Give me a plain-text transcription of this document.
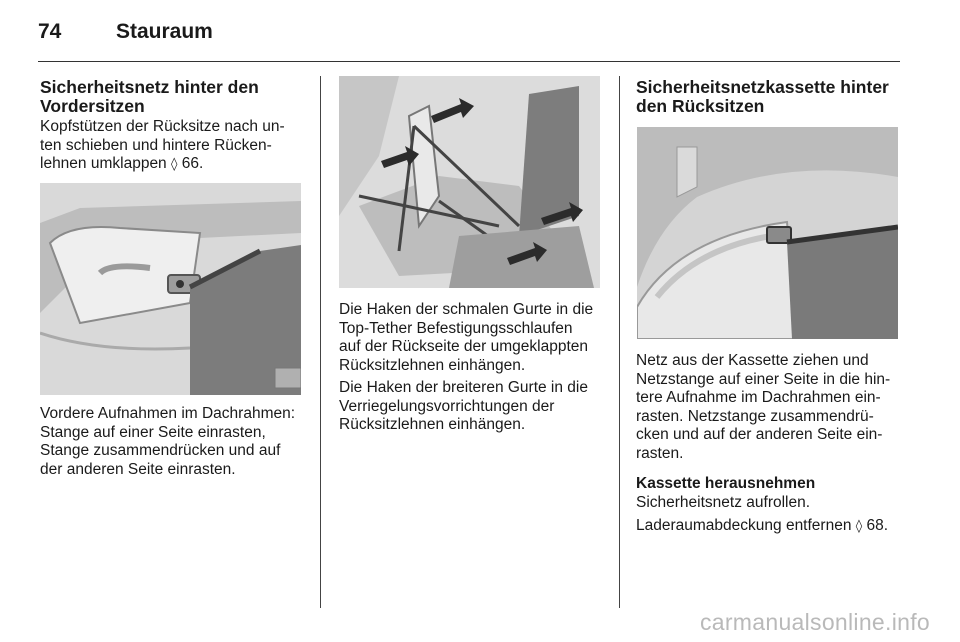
74	Stauraum
Sicherheitsnetz hinter den Vordersitzen

Kopfstützen der Rücksitze nach un-

ten schieben und hintere Rücken-

lehnen umklappen ◊ 66.

Vordere Aufnahmen im Dachrahmen:

Stange auf einer Seite einrasten,

Stange zusammendrücken und auf

der anderen Seite einrasten.

Die Haken der schmalen Gurte in die

Top-Tether Befestigungsschlaufen

auf der Rückseite der umgeklappten

Rücksitzlehnen einhängen.

Die Haken der breiteren Gurte in die

Verriegelungsvorrichtungen der

Rücksitzlehnen einhängen.

Sicherheitsnetzkassette hinter
den Rücksitzen

Netz aus der Kassette ziehen und

Netzstange auf einer Seite in die hin-

tere Aufnahme im Dachrahmen ein-

rasten. Netzstange zusammendrü-

cken und auf der anderen Seite ein-

rasten.

Kassette herausnehmen

Sicherheitsnetz aufrollen.

Laderaumabdeckung entfernen ◊ 68.

carmanualsonline.info
